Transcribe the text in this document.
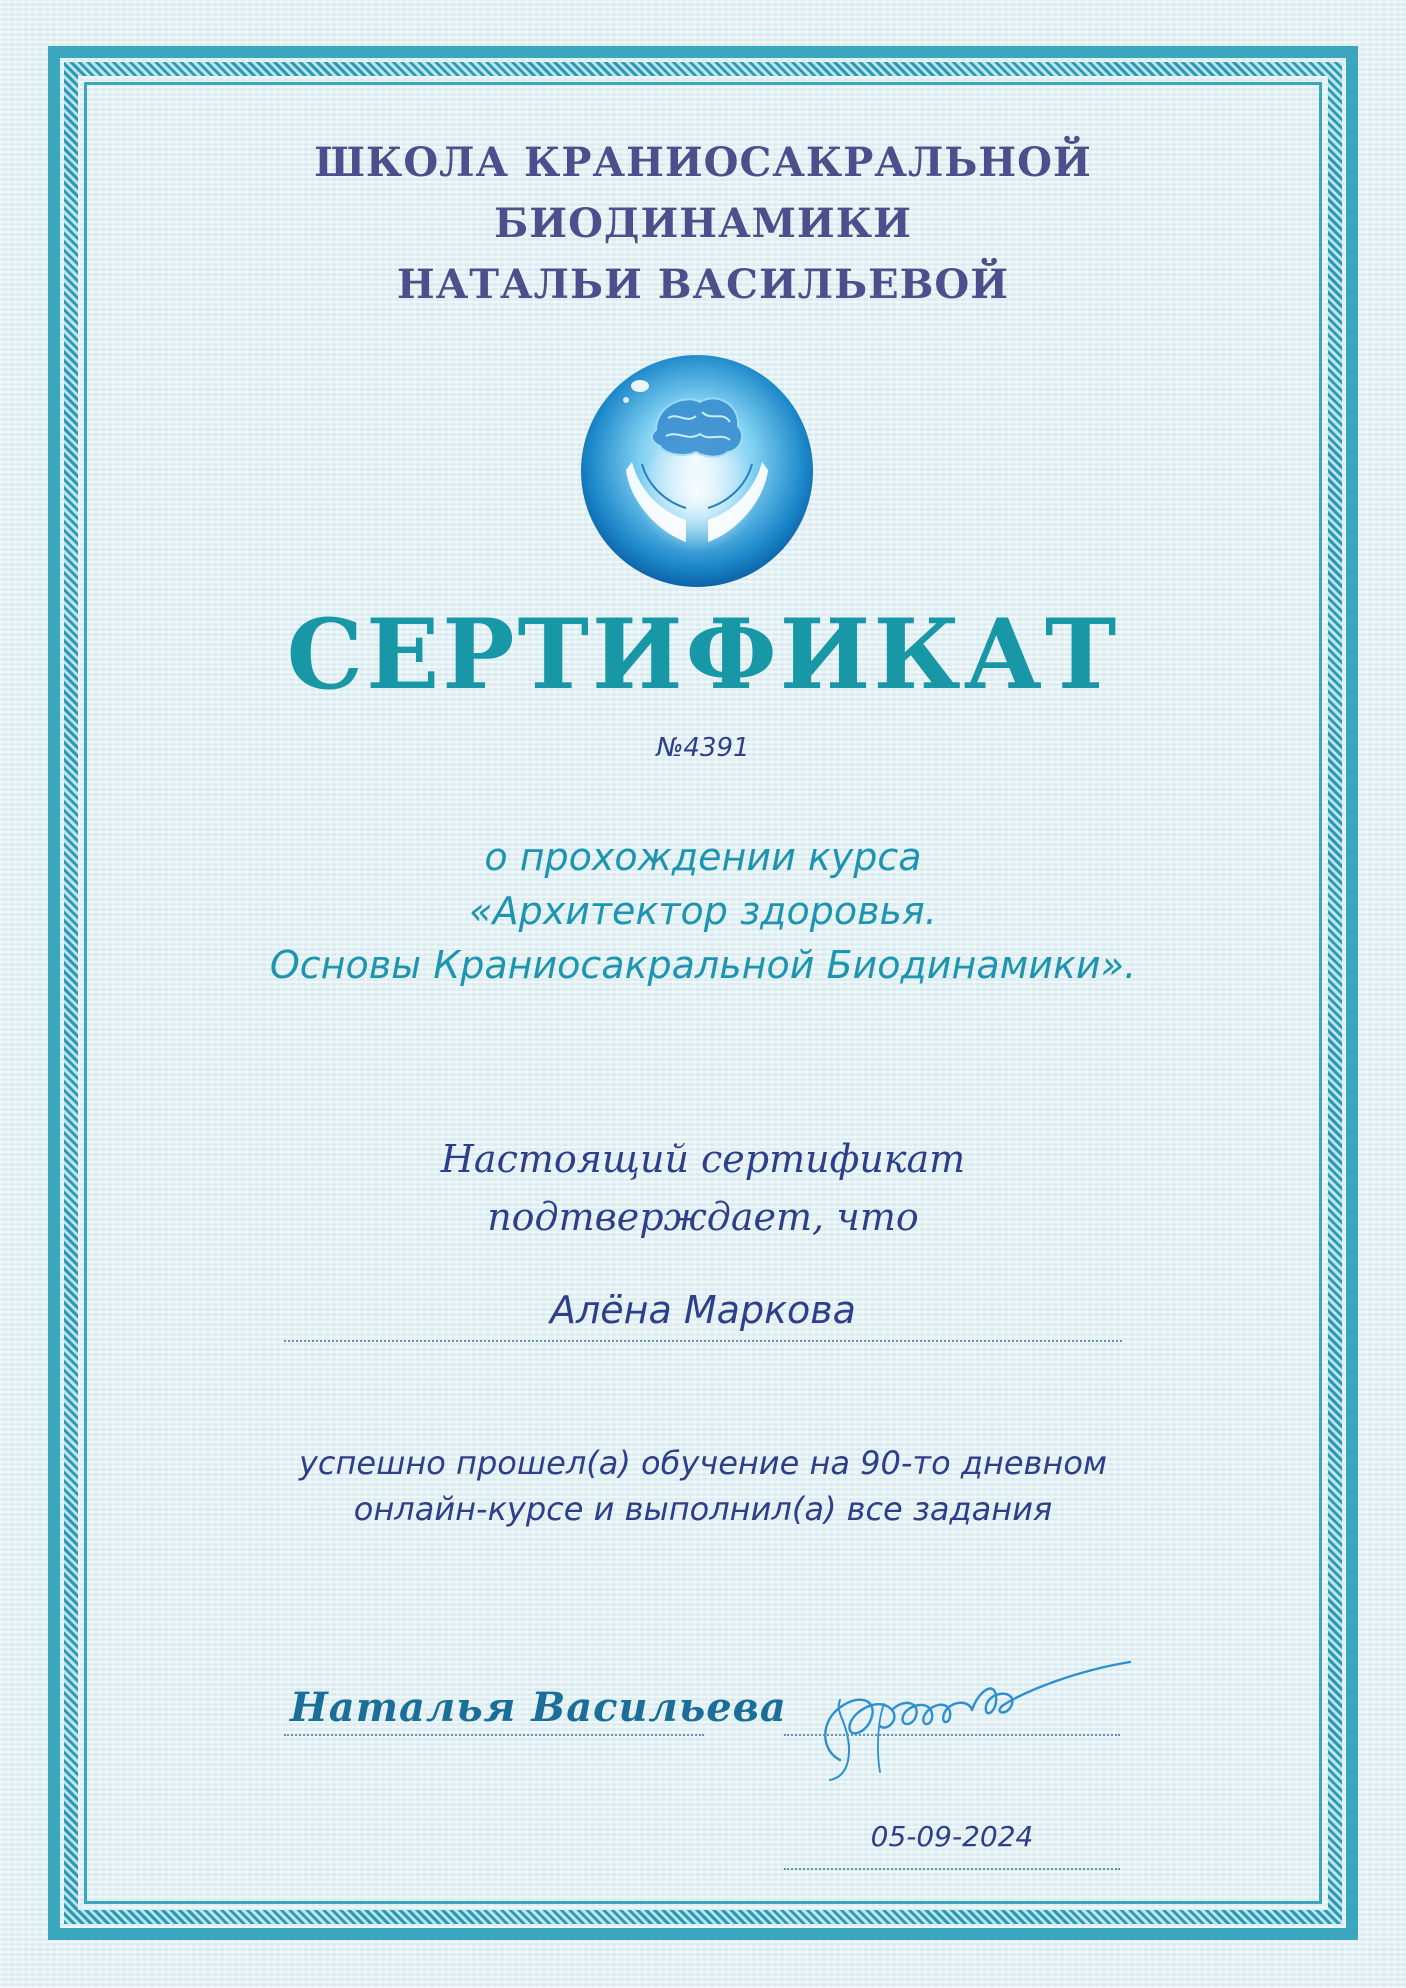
ШКОЛА КРАНИОСАКРАЛЬНОЙ
БИОДИНАМИКИ
НАТАЛЬИ ВАСИЛЬЕВОЙ
СЕРТИФИКАТ
№4391
о прохождении курса
«Архитектор здоровья.
Основы Краниосакральной Биодинамики».
Настоящий сертификат
подтверждает, что
Алёна Маркова
успешно прошел(а) обучение на 90-то дневном
онлайн-курсе и выполнил(а) все задания
Наталья Васильева
05-09-2024
